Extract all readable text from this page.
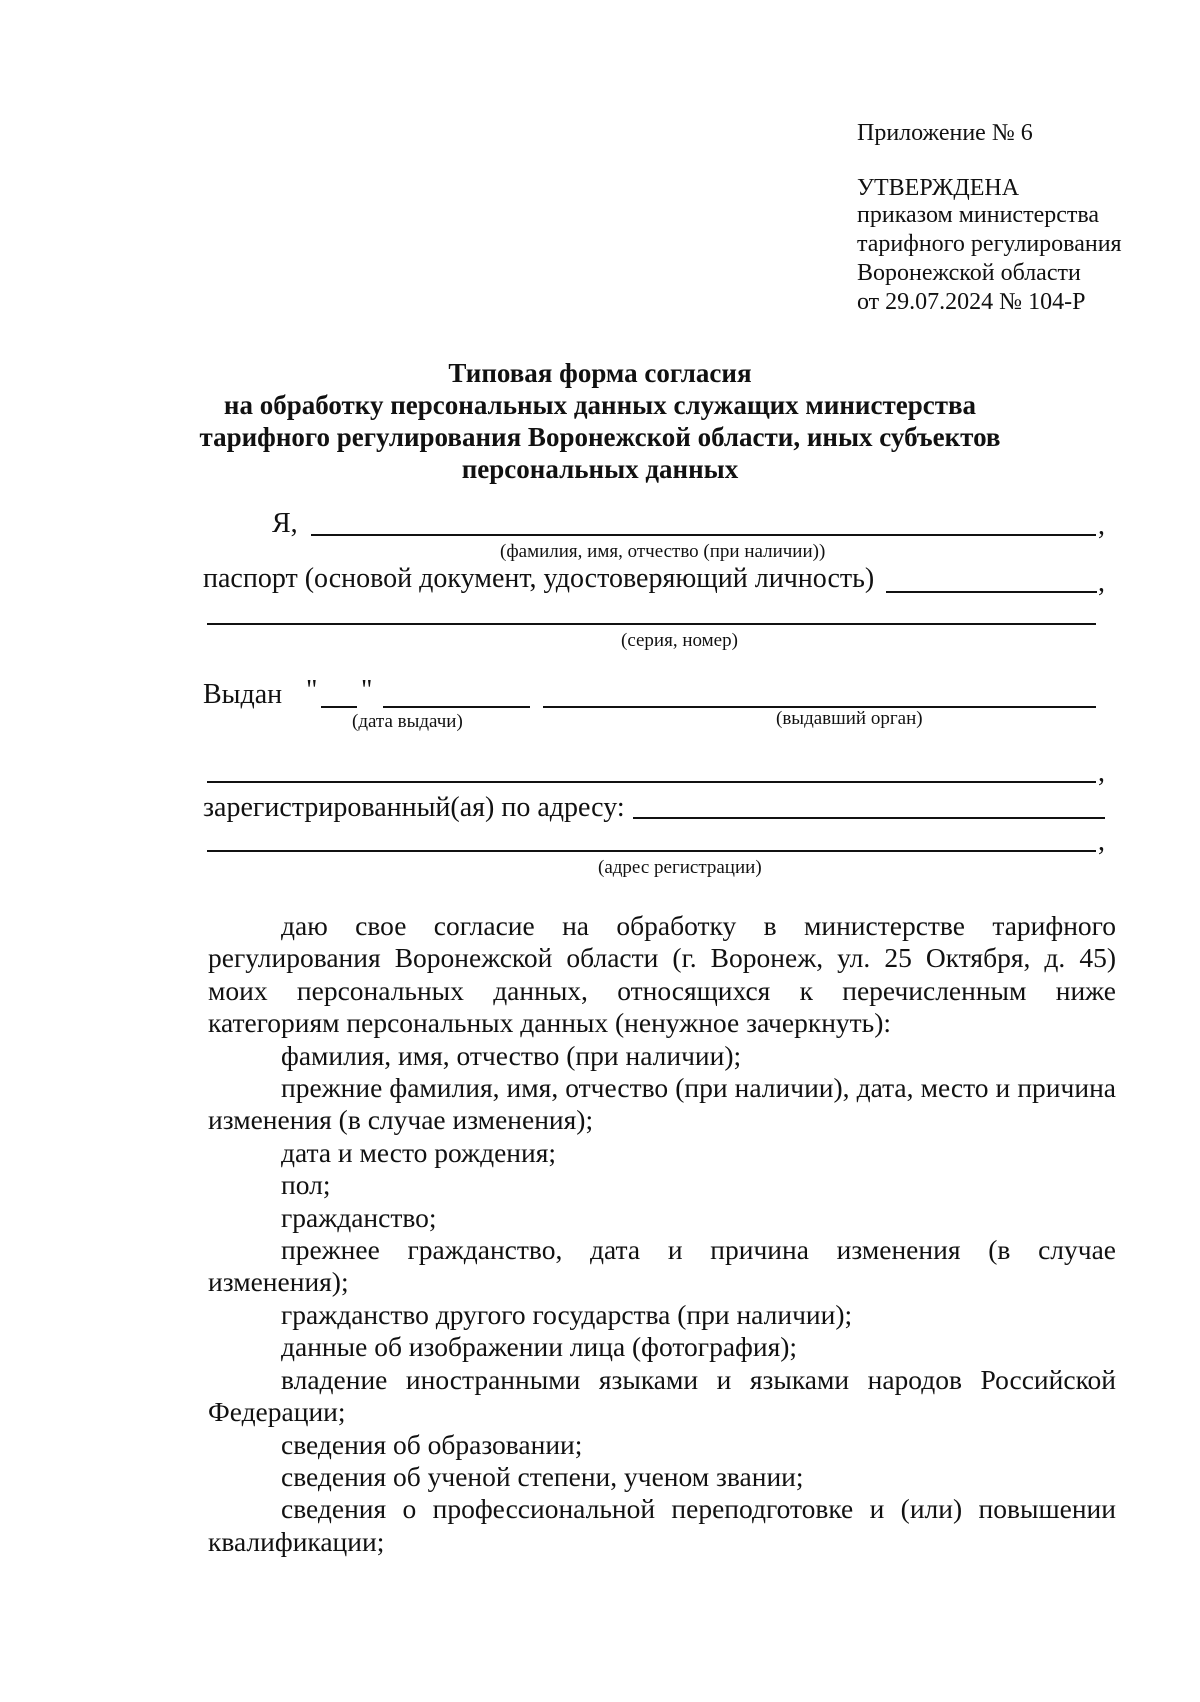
Приложение № 6
УТВЕРЖДЕНА
приказом министерства
тарифного регулирования
Воронежской области
от 29.07.2024 № 104-Р
Типовая форма согласия
на обработку персональных данных служащих министерства
тарифного регулирования Воронежской области, иных субъектов
персональных данных
Я,	,
(фамилия, имя, отчество (при наличии))
паспорт (основой документ, удостоверяющий личность)	,
(серия, номер)
Выдан " "
(дата выдачи)	(выдавший орган)
,
зарегистрированный(ая) по адресу:
,
(адрес регистрации)

даю свое согласие на обработку в министерстве тарифного регулирования Воронежской области (г. Воронеж, ул. 25 Октября, д. 45) моих персональных данных, относящихся к перечисленным ниже категориям персональных данных (ненужное зачеркнуть):

фамилия, имя, отчество (при наличии);

прежние фамилия, имя, отчество (при наличии), дата, место и причина изменения (в случае изменения);

дата и место рождения;

пол;

гражданство;

прежнее гражданство, дата и причина изменения (в случае изменения);

гражданство другого государства (при наличии);

данные об изображении лица (фотография);

владение иностранными языками и языками народов Российской Федерации;

сведения об образовании;

сведения об ученой степени, ученом звании;

сведения о профессиональной переподготовке и (или) повышении квалификации;
